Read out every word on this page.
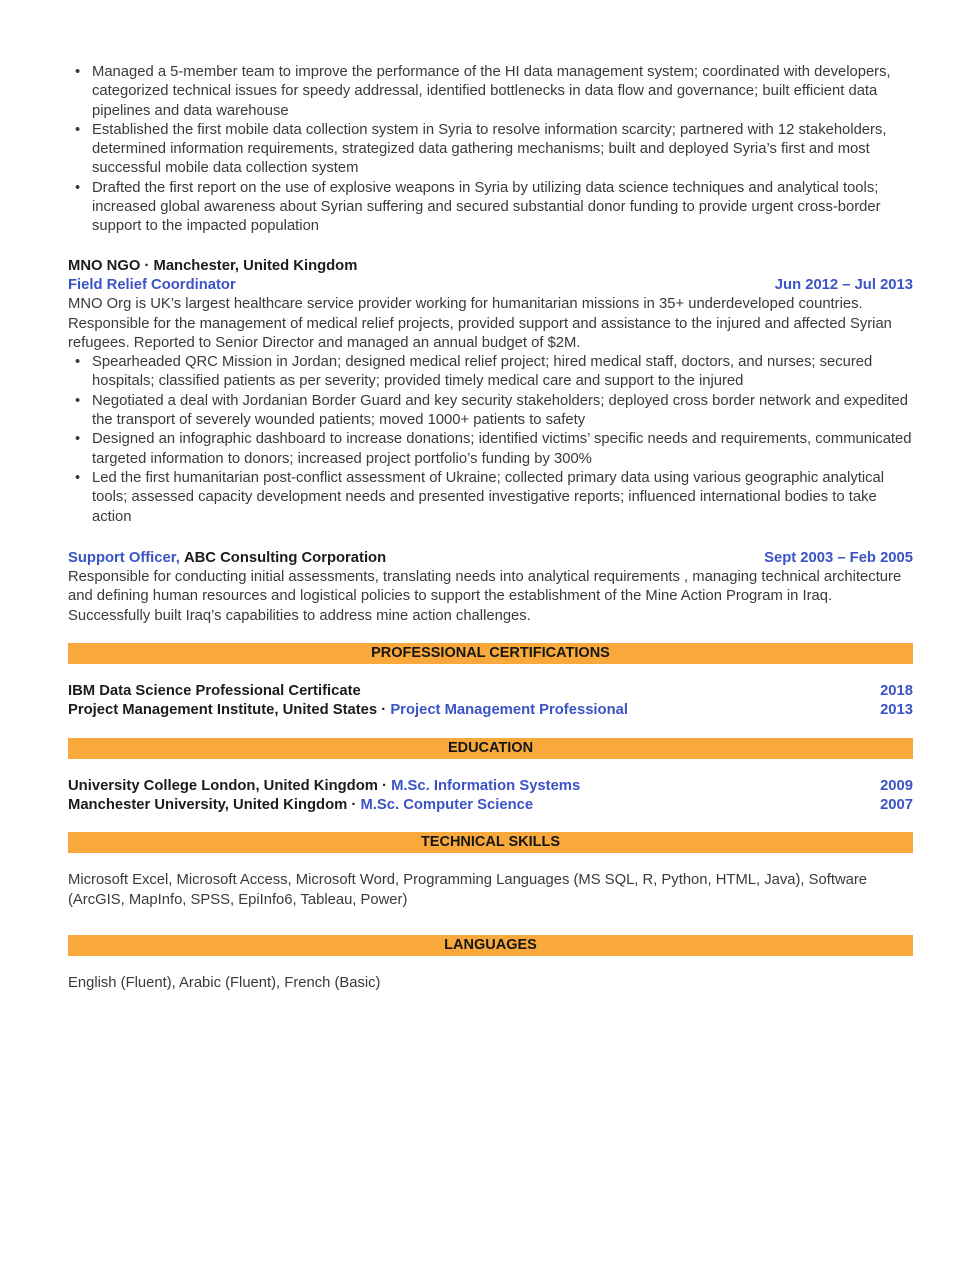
• Managed a 5-member team to improve the performance of the HI data management system; coordinated with developers, categorized technical issues for speedy addressal, identified bottlenecks in data flow and governance; built efficient data pipelines and data warehouse
• Established the first mobile data collection system in Syria to resolve information scarcity; partnered with 12 stakeholders, determined information requirements, strategized data gathering mechanisms; built and deployed Syria’s first and most successful mobile data collection system
• Drafted the first report on the use of explosive weapons in Syria by utilizing data science techniques and analytical tools; increased global awareness about Syrian suffering and secured substantial donor funding to provide urgent cross-border support to the impacted population
MNO NGO · Manchester, United Kingdom
Field Relief Coordinator	Jun 2012 – Jul 2013

MNO Org is UK’s largest healthcare service provider working for humanitarian missions in 35+ underdeveloped countries.

Responsible for the management of medical relief projects, provided support and assistance to the injured and affected Syrian refugees. Reported to Senior Director and managed an annual budget of $2M.

• Spearheaded QRC Mission in Jordan; designed medical relief project; hired medical staff, doctors, and nurses; secured hospitals; classified patients as per severity; provided timely medical care and support to the injured
• Negotiated a deal with Jordanian Border Guard and key security stakeholders; deployed cross border network and expedited the transport of severely wounded patients; moved 1000+ patients to safety
• Designed an infographic dashboard to increase donations; identified victims’ specific needs and requirements, communicated targeted information to donors; increased project portfolio’s funding by 300%
• Led the first humanitarian post-conflict assessment of Ukraine; collected primary data using various geographic analytical tools; assessed capacity development needs and presented investigative reports; influenced international bodies to take action
Support Officer, ABC Consulting Corporation	Sept 2003 – Feb 2005

Responsible for conducting initial assessments, translating needs into analytical requirements , managing technical architecture and defining human resources and logistical policies to support the establishment of the Mine Action Program in Iraq. Successfully built Iraq’s capabilities to address mine action challenges.

PROFESSIONAL CERTIFICATIONS
IBM Data Science Professional Certificate	2018
Project Management Institute, United States · Project Management Professional	2013
EDUCATION
University College London, United Kingdom · M.Sc. Information Systems	2009
Manchester University, United Kingdom · M.Sc. Computer Science	2007
TECHNICAL SKILLS

Microsoft Excel, Microsoft Access, Microsoft Word, Programming Languages (MS SQL, R, Python, HTML, Java), Software (ArcGIS, MapInfo, SPSS, EpiInfo6, Tableau, Power)

LANGUAGES

English (Fluent), Arabic (Fluent), French (Basic)
